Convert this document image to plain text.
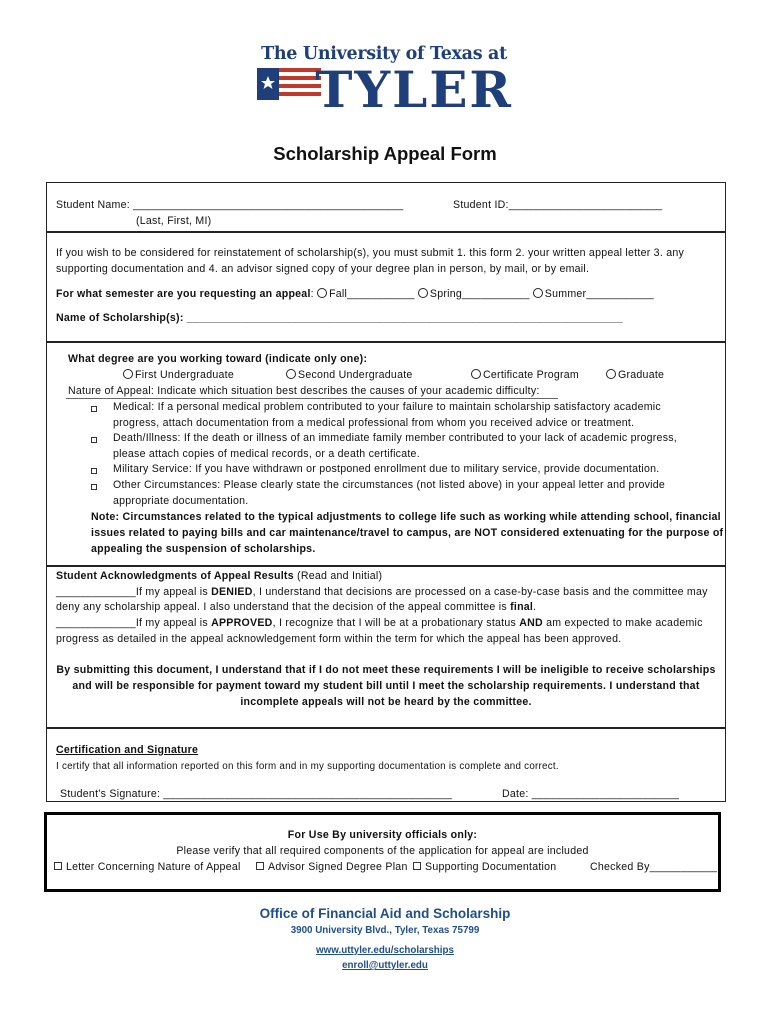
The University of Texas at
TYLER
Scholarship Appeal Form
Student Name: ____________________________________________
(Last, First, MI)
Student ID:_________________________
If you wish to be considered for reinstatement of scholarship(s), you must submit 1. this form 2. your written appeal letter 3. any
supporting documentation and 4. an advisor signed copy of your degree plan in person, by mail, or by email.
For what semester are you requesting an appeal: Fall___________ Spring___________ Summer___________
Name of Scholarship(s): _______________________________________________________________________
What degree are you working toward (indicate only one):
First Undergraduate	Second Undergraduate	Certificate Program	Graduate
Nature of Appeal: Indicate which situation best describes the causes of your academic difficulty:
Medical: If a personal medical problem contributed to your failure to maintain scholarship satisfactory academic
progress, attach documentation from a medical professional from whom you received advice or treatment.
Death/Illness: If the death or illness of an immediate family member contributed to your lack of academic progress,
please attach copies of medical records, or a death certificate.
Military Service: If you have withdrawn or postponed enrollment due to military service, provide documentation.
Other Circumstances: Please clearly state the circumstances (not listed above) in your appeal letter and provide
appropriate documentation.
Note: Circumstances related to the typical adjustments to college life such as working while attending school, financial
issues related to paying bills and car maintenance/travel to campus, are NOT considered extenuating for the purpose of
appealing the suspension of scholarships.
Student Acknowledgments of Appeal Results (Read and Initial)
_____________If my appeal is DENIED, I understand that decisions are processed on a case-by-case basis and the committee may
deny any scholarship appeal. I also understand that the decision of the appeal committee is final.
_____________If my appeal is APPROVED, I recognize that I will be at a probationary status AND am expected to make academic
progress as detailed in the appeal acknowledgement form within the term for which the appeal has been approved.
By submitting this document, I understand that if I do not meet these requirements I will be ineligible to receive scholarships
and will be responsible for payment toward my student bill until I meet the scholarship requirements. I understand that
incomplete appeals will not be heard by the committee.
Certification and Signature
I certify that all information reported on this form and in my supporting documentation is complete and correct.
Student’s Signature: _______________________________________________	Date: ________________________
For Use By university officials only:
Please verify that all required components of the application for appeal are included
Letter Concerning Nature of Appeal	Advisor Signed Degree Plan	Supporting Documentation	Checked By___________
Office of Financial Aid and Scholarship
3900 University Blvd., Tyler, Texas 75799
www.uttyler.edu/scholarships
enroll@uttyler.edu
